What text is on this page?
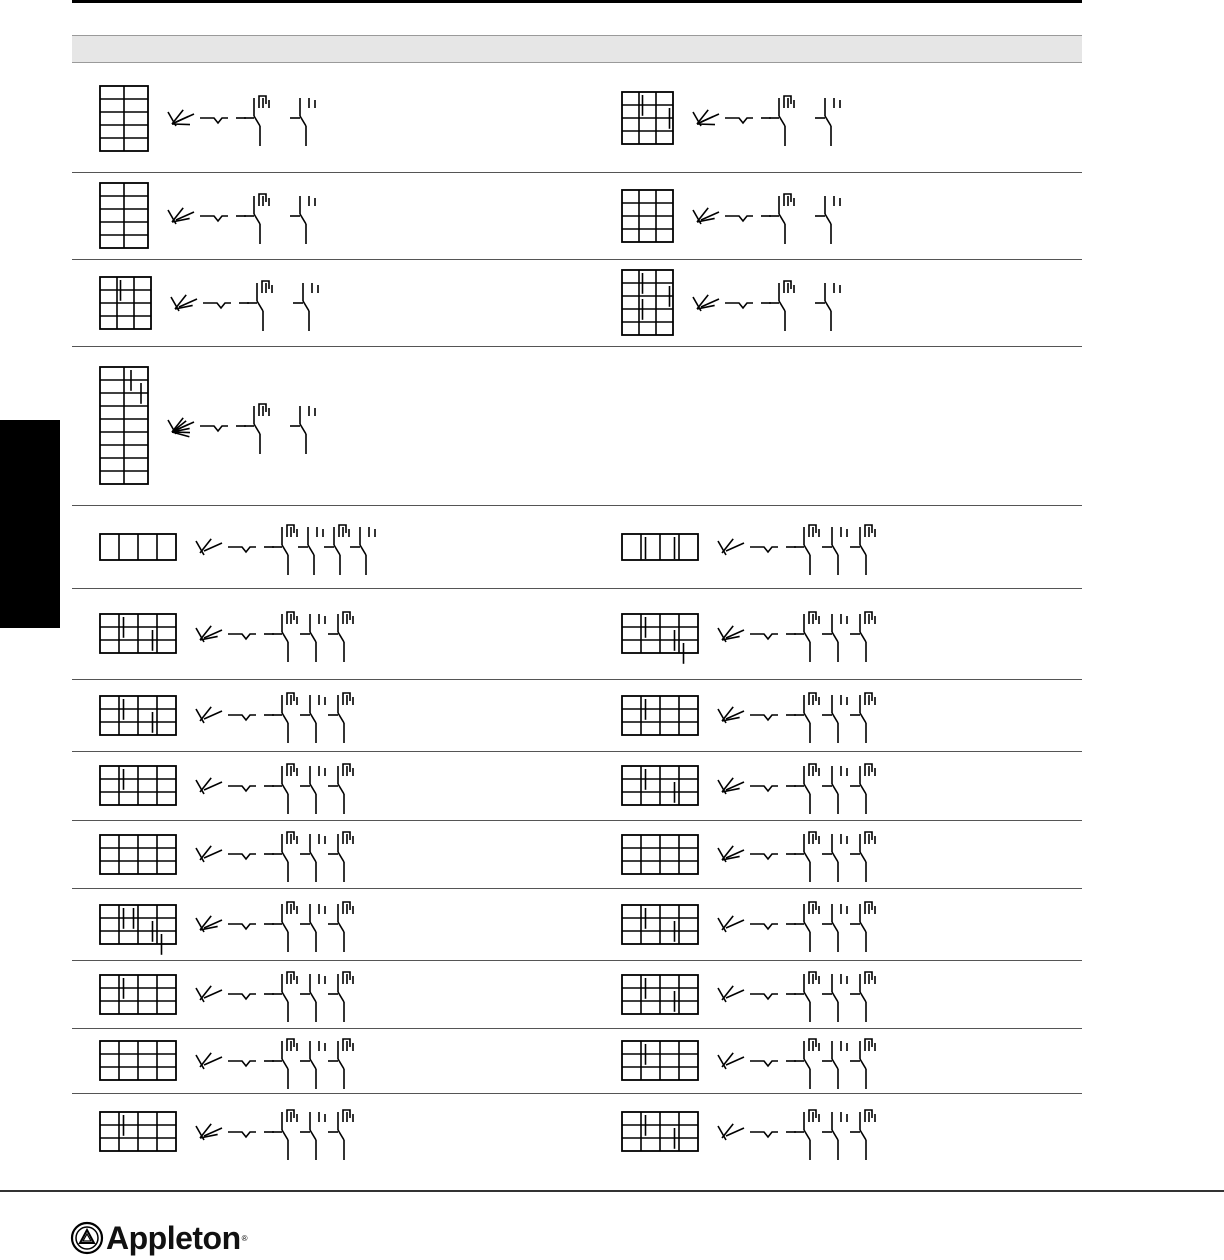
Appleton ®
